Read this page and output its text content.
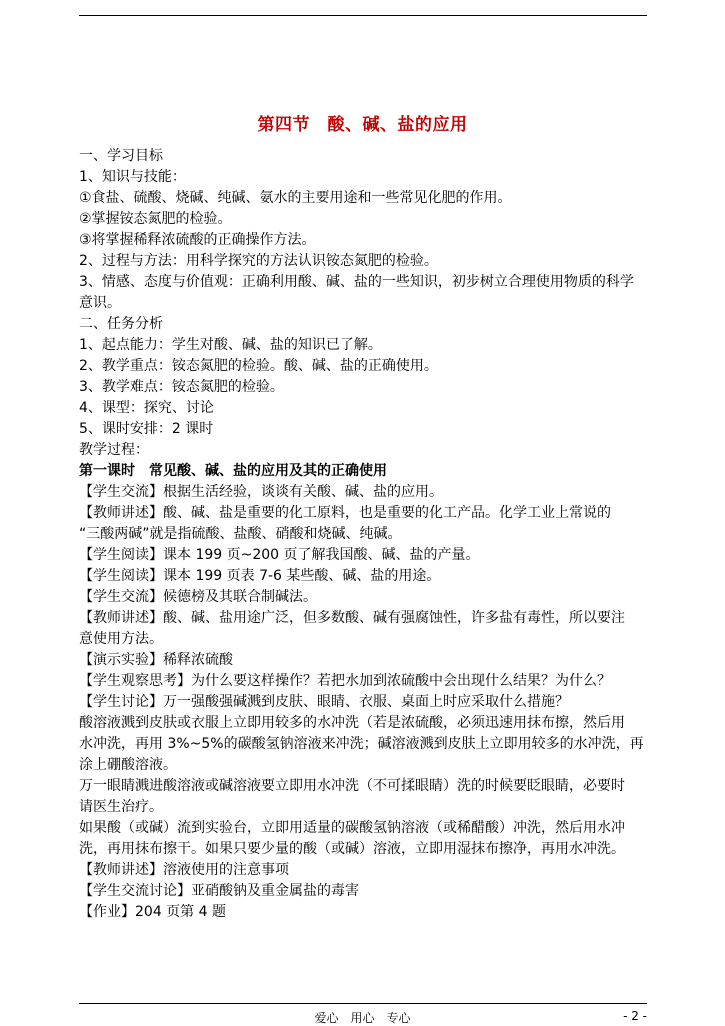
第四节　酸、碱、盐的应用
一、学习目标
1、知识与技能：
①食盐、硫酸、烧碱、纯碱、氨水的主要用途和一些常见化肥的作用。
②掌握铵态氮肥的检验。
③将掌握稀释浓硫酸的正确操作方法。
2、过程与方法：用科学探究的方法认识铵态氮肥的检验。
3、情感、态度与价值观：正确利用酸、碱、盐的一些知识，初步树立合理使用物质的科学
意识。
二、任务分析
1、起点能力：学生对酸、碱、盐的知识已了解。
2、教学重点：铵态氮肥的检验。酸、碱、盐的正确使用。
3、教学难点：铵态氮肥的检验。
4、课型：探究、讨论
5、课时安排：2 课时
教学过程：
第一课时　常见酸、碱、盐的应用及其的正确使用
【学生交流】根据生活经验，谈谈有关酸、碱、盐的应用。
【教师讲述】酸、碱、盐是重要的化工原料，也是重要的化工产品。化学工业上常说的
“三酸两碱”就是指硫酸、盐酸、硝酸和烧碱、纯碱。
【学生阅读】课本 199 页~200 页了解我国酸、碱、盐的产量。
【学生阅读】课本 199 页表 7-6 某些酸、碱、盐的用途。
【学生交流】候德榜及其联合制碱法。
【教师讲述】酸、碱、盐用途广泛，但多数酸、碱有强腐蚀性，许多盐有毒性，所以要注
意使用方法。
【演示实验】稀释浓硫酸
【学生观察思考】为什么要这样操作？若把水加到浓硫酸中会出现什么结果？为什么？
【学生讨论】万一强酸强碱溅到皮肤、眼睛、衣服、桌面上时应采取什么措施？
酸溶液溅到皮肤或衣服上立即用较多的水冲洗（若是浓硫酸，必须迅速用抹布擦，然后用
水冲洗，再用 3%~5%的碳酸氢钠溶液来冲洗；碱溶液溅到皮肤上立即用较多的水冲洗，再
涂上硼酸溶液。
万一眼睛溅进酸溶液或碱溶液要立即用水冲洗（不可揉眼睛）洗的时候要眨眼睛，必要时
请医生治疗。
如果酸（或碱）流到实验台，立即用适量的碳酸氢钠溶液（或稀醋酸）冲洗，然后用水冲
洗，再用抹布擦干。如果只要少量的酸（或碱）溶液，立即用湿抹布擦净，再用水冲洗。
【教师讲述】溶液使用的注意事项
【学生交流讨论】亚硝酸钠及重金属盐的毒害
【作业】204 页第 4 题
爱心　用心　专心	- 2 -
